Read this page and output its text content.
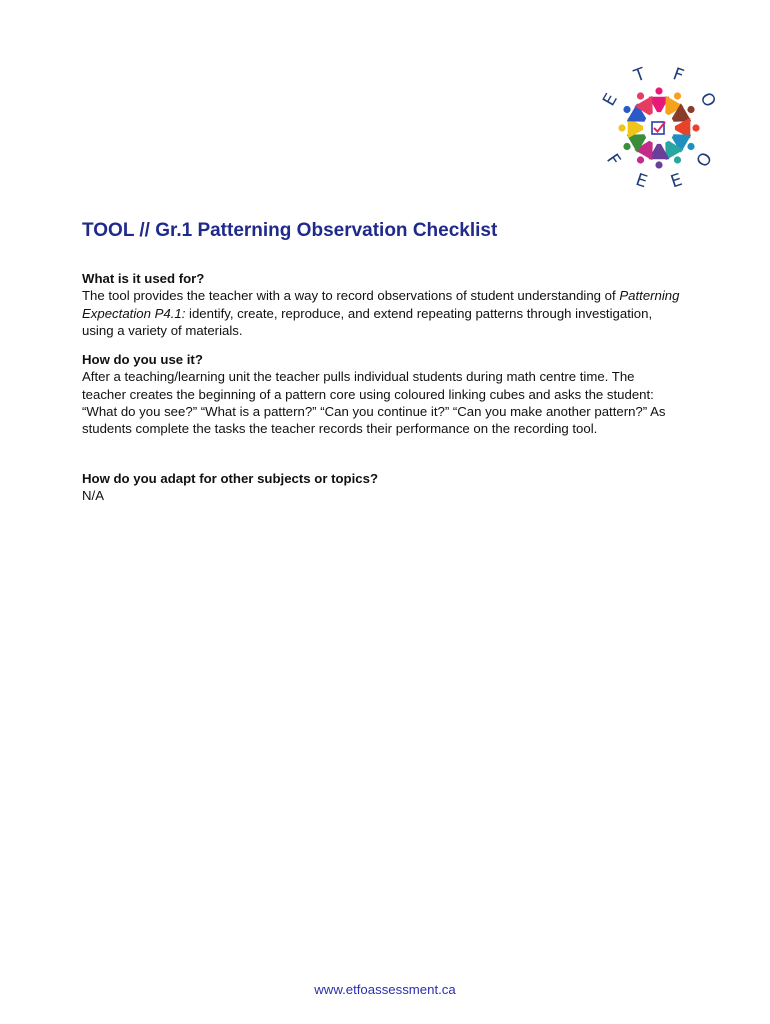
E
T F
O
F
E E
O
TOOL // Gr.1 Patterning Observation Checklist
What is it used for?

The tool provides the teacher with a way to record observations of student understanding of Patterning Expectation P4.1: identify, create, reproduce, and extend repeating patterns through investigation, using a variety of materials.

How do you use it?

After a teaching/learning unit the teacher pulls individual students during math centre time. The teacher creates the beginning of a pattern core using coloured linking cubes and asks the student: “What do you see?” “What is a pattern?” “Can you continue it?” “Can you make another pattern?” As students complete the tasks the teacher records their performance on the recording tool.

How do you adapt for other subjects or topics?

N/A

www.etfoassessment.ca
